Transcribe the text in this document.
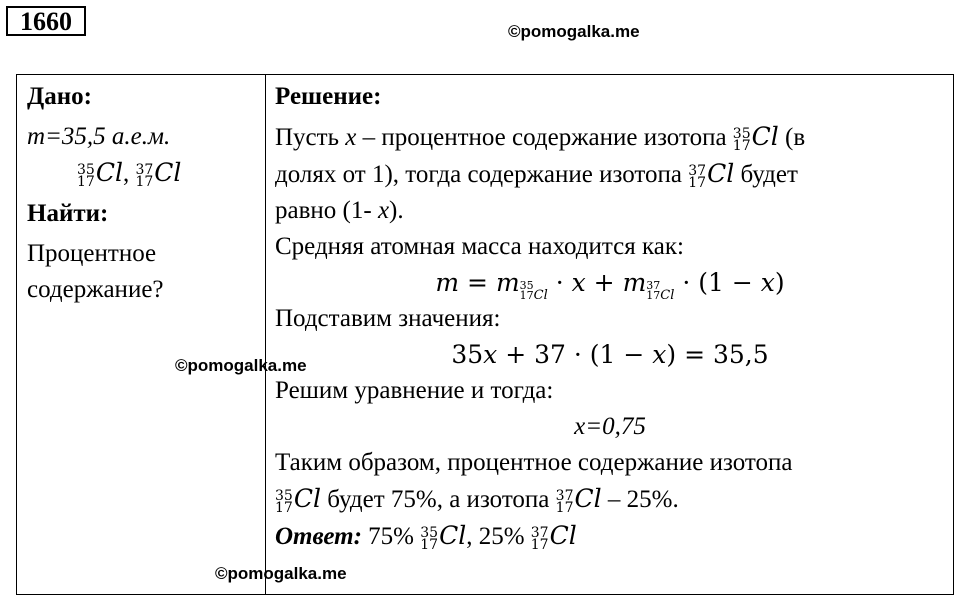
1660	©pomogalka.me
Дано:
m=35,5 а.е.м.
35
17 Cl, 37
17 Cl
Найти:
Процентное
содержание?
Решение:
Пусть x – процентное содержание изотопа 35
17 Cl (в
долях от 1), тогда содержание изотопа 37
17 Cl будет
равно (1- x).
Средняя атомная масса находится как:
m = m 35
17 Cl · x + m 37
17 Cl · (1 − x)
Подставим значения:
35x + 37 · (1 − x) = 35,5
Решим уравнение и тогда:
x=0,75
Таким образом, процентное содержание изотопа
35
17 Cl будет 75%, а изотопа 37
17 Cl – 25%.
Ответ: 75% 35
17 Cl, 25% 37
17 Cl
©pomogalka.me
©pomogalka.me
